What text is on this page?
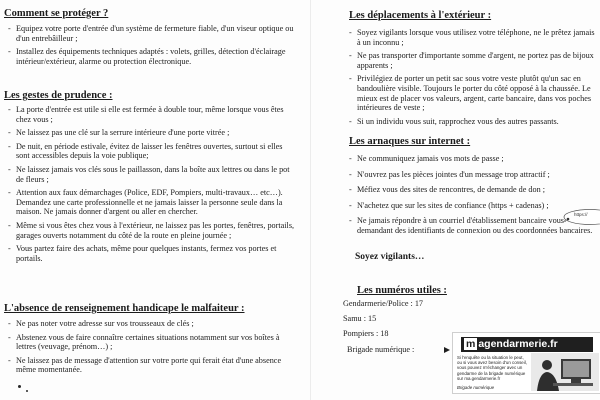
Comment se protéger ?

- Equipez votre porte d'entrée d'un système de fermeture fiable, d'un viseur optique ou d'un entrebâilleur ;
- Installez des équipements techniques adaptés : volets, grilles, détection d'éclairage intérieur/extérieur, alarme ou protection électronique.

Les gestes de prudence :

- La porte d'entrée est utile si elle est fermée à double tour, même lorsque vous êtes chez vous ;
- Ne laissez pas une clé sur la serrure intérieure d'une porte vitrée ;
- De nuit, en période estivale, évitez de laisser les fenêtres ouvertes, surtout si elles sont accessibles depuis la voie publique;
- Ne laissez jamais vos clés sous le paillasson, dans la boîte aux lettres ou dans le pot de fleurs ;
- Attention aux faux démarchages (Police, EDF, Pompiers, multi-travaux… etc…). Demandez une carte professionnelle et ne jamais laisser la personne seule dans la maison. Ne jamais donner d'argent ou aller en chercher.
- Même si vous êtes chez vous à l'extérieur, ne laissez pas les portes, fenêtres, portails, garages ouverts notamment du côté de la route en pleine journée ;
- Vous partez faire des achats, même pour quelques instants, fermez vos portes et portails.

L'absence de renseignement handicape le malfaiteur :

- Ne pas noter votre adresse sur vos trousseaux de clés ;
- Abstenez vous de faire connaître certaines situations notamment sur vos boîtes à lettres (veuvage, prénom…) ;
- Ne laissez pas de message d'attention sur votre porte qui ferait état d'une absence même momentanée.

Les déplacements à l'extérieur :

- Soyez vigilants lorsque vous utilisez votre téléphone, ne le prêtez jamais à un inconnu ;
- Ne pas transporter d'importante somme d'argent, ne portez pas de bijoux apparents ;
- Privilégiez de porter un petit sac sous votre veste plutôt qu'un sac en bandoulière visible. Toujours le porter du côté opposé à la chaussée. Le mieux est de placer vos valeurs, argent, carte bancaire, dans vos poches intérieures de veste ;
- Si un individu vous suit, rapprochez vous des autres passants.

Les arnaques sur internet :

- Ne communiquez jamais vos mots de passe ;
- N'ouvrez pas les pièces jointes d'un message trop attractif ;
- Méfiez vous des sites de rencontres, de demande de don ;
- N'achetez que sur les sites de confiance (https + cadenas) ;
- Ne jamais répondre à un courriel d'établissement bancaire vous demandant des identifiants de connexion ou des coordonnées bancaires.
Soyez vigilants…

Les numéros utiles :

Gendarmerie/Police : 17
Samu : 15
Pompiers : 18
Brigade numérique :
https://
m agendarmerie.fr
Si l'enquête ou la situation le peut, ou si vous avez besoin d'un conseil, vous pouvez m'échanger avec un gendarme de la brigade numérique sur ma.gendarmerie.fr
Brigade numérique
